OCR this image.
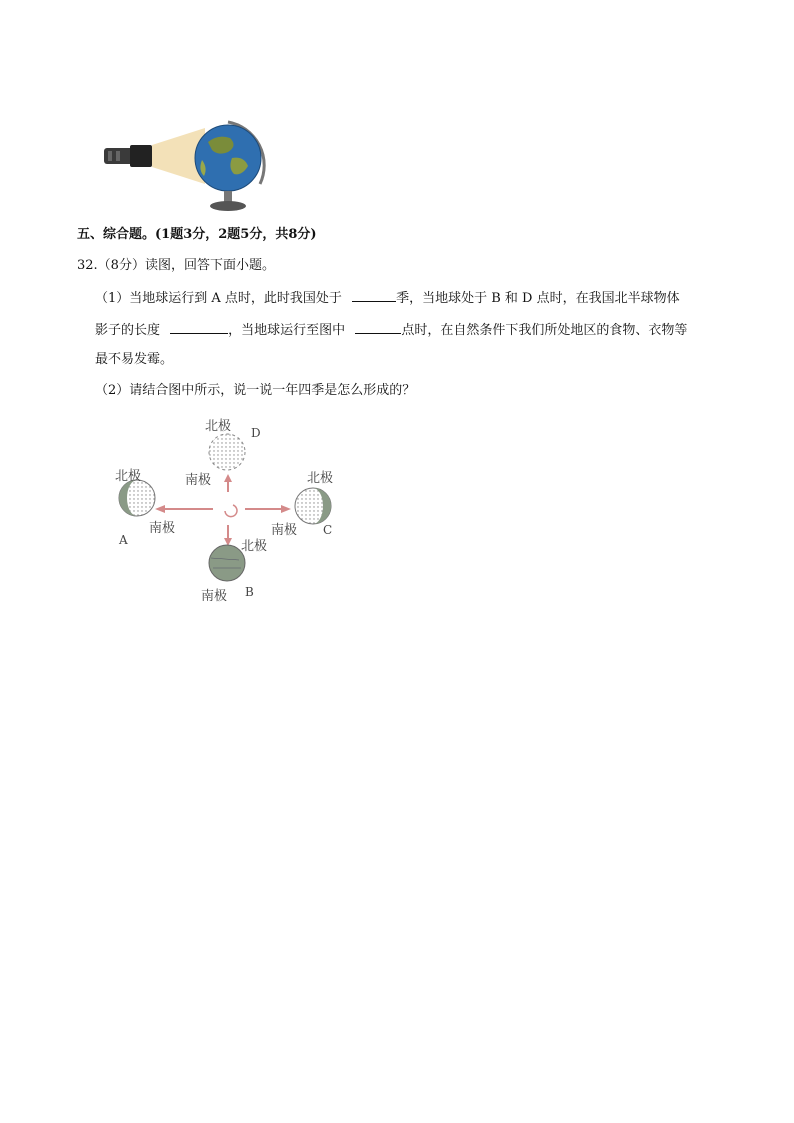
五、综合题。(1题3分，2题5分，共8分)
32.（8分）读图，回答下面小题。
（1）当地球运行到 A 点时，此时我国处于	季，当地球处于 B 和 D 点时，在我国北半球物体
影子的长度	，当地球运行至图中	点时，在自然条件下我们所处地区的食物、衣物等
最不易发霉。
（2）请结合图中所示，说一说一年四季是怎么形成的？
北极 D
南极
北极
南极
A
北极
南极 C
北极
南极 B
